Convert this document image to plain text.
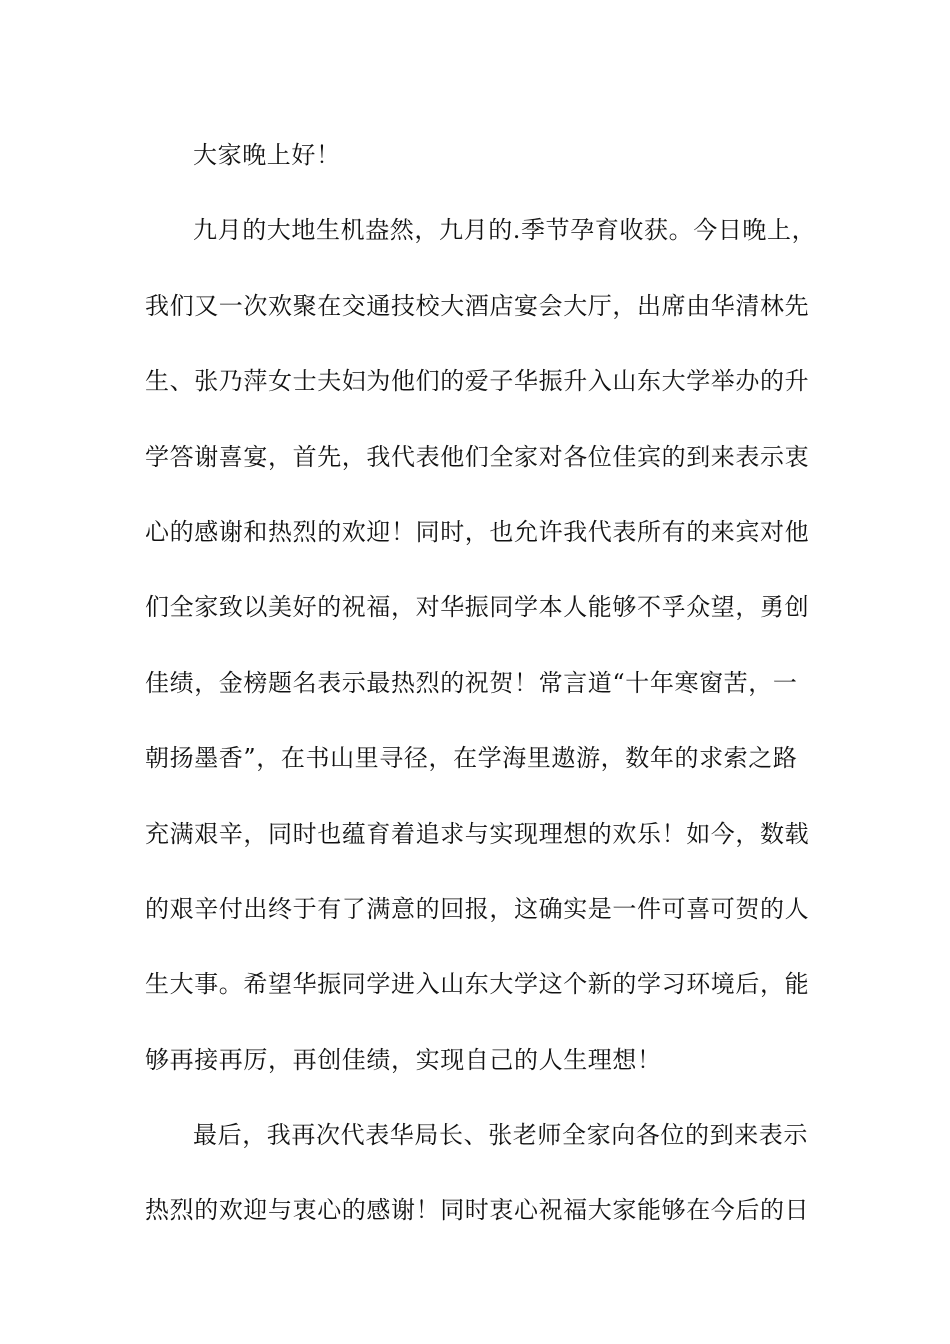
大家晚上好！
九月的大地生机盎然，九月的.季节孕育收获。今日晚上，
我们又一次欢聚在交通技校大酒店宴会大厅，出席由华清林先
生、张乃萍女士夫妇为他们的爱子华振升入山东大学举办的升
学答谢喜宴，首先，我代表他们全家对各位佳宾的到来表示衷
心的感谢和热烈的欢迎！同时，也允许我代表所有的来宾对他
们全家致以美好的祝福，对华振同学本人能够不孚众望，勇创
佳绩，金榜题名表示最热烈的祝贺！常言道“十年寒窗苦，一
朝扬墨香”，在书山里寻径，在学海里遨游，数年的求索之路
充满艰辛，同时也蕴育着追求与实现理想的欢乐！如今，数载
的艰辛付出终于有了满意的回报，这确实是一件可喜可贺的人
生大事。希望华振同学进入山东大学这个新的学习环境后，能
够再接再厉，再创佳绩，实现自己的人生理想！
最后，我再次代表华局长、张老师全家向各位的到来表示
热烈的欢迎与衷心的感谢！同时衷心祝福大家能够在今后的日
